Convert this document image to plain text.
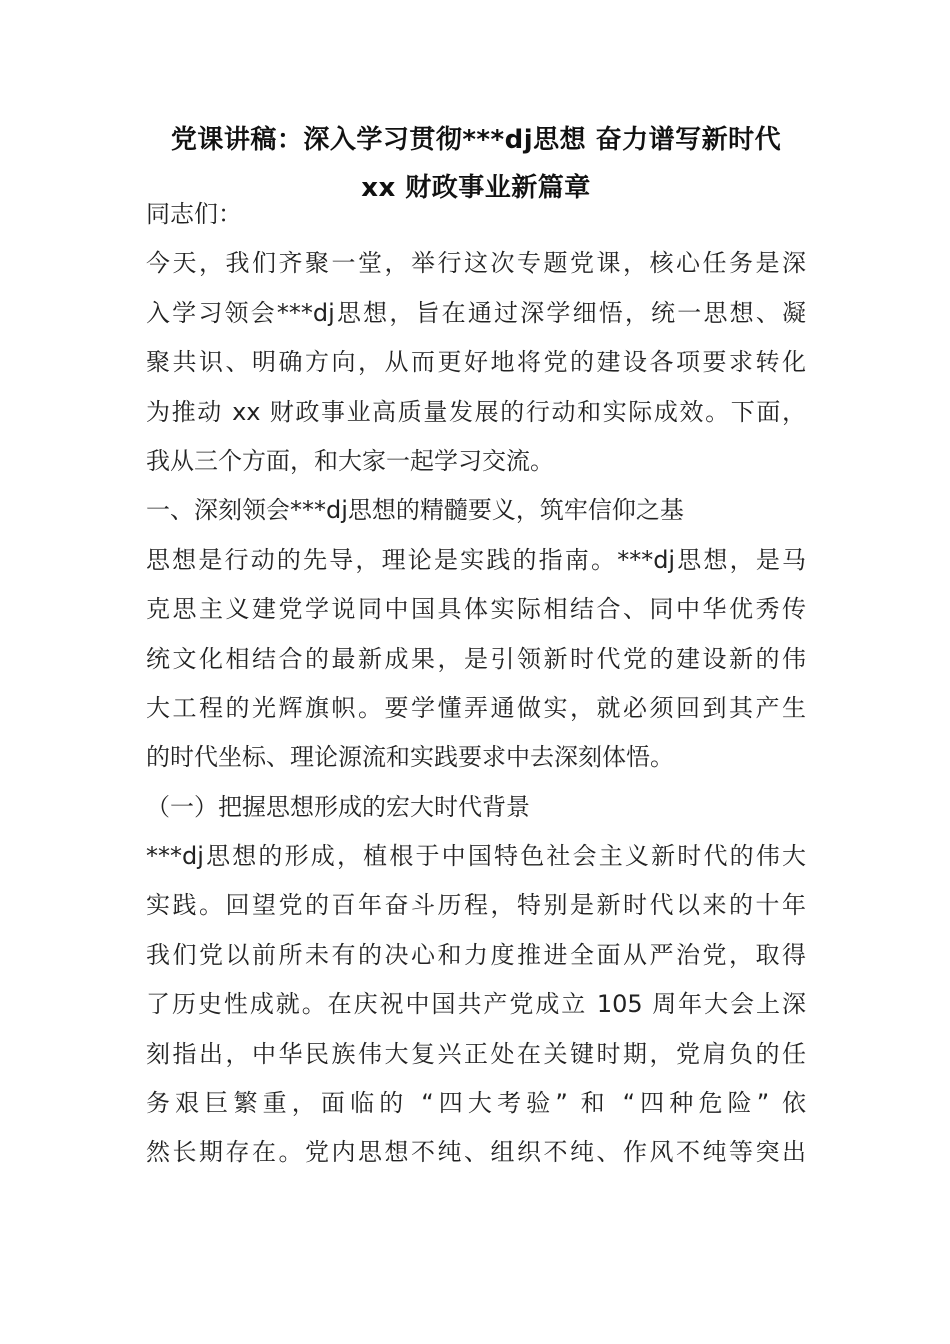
党课讲稿：深入学习贯彻***dj思想 奋力谱写新时代
xx 财政事业新篇章
同志们：
今天，我们齐聚一堂，举行这次专题党课，核心任务是深
入学习领会***dj思想，旨在通过深学细悟，统一思想、凝
聚共识、明确方向，从而更好地将党的建设各项要求转化
为推动 xx 财政事业高质量发展的行动和实际成效。下面，
我从三个方面，和大家一起学习交流。
一、深刻领会***dj思想的精髓要义，筑牢信仰之基
思想是行动的先导，理论是实践的指南。***dj思想，是马
克思主义建党学说同中国具体实际相结合、同中华优秀传
统文化相结合的最新成果，是引领新时代党的建设新的伟
大工程的光辉旗帜。要学懂弄通做实，就必须回到其产生
的时代坐标、理论源流和实践要求中去深刻体悟。
（一）把握思想形成的宏大时代背景
***dj思想的形成，植根于中国特色社会主义新时代的伟大
实践。回望党的百年奋斗历程，特别是新时代以来的十年
我们党以前所未有的决心和力度推进全面从严治党，取得
了历史性成就。在庆祝中国共产党成立 105 周年大会上深
刻指出，中华民族伟大复兴正处在关键时期，党肩负的任
务艰巨繁重，面临的 “四大考验” 和 “四种危险” 依
然长期存在。党内思想不纯、组织不纯、作风不纯等突出
